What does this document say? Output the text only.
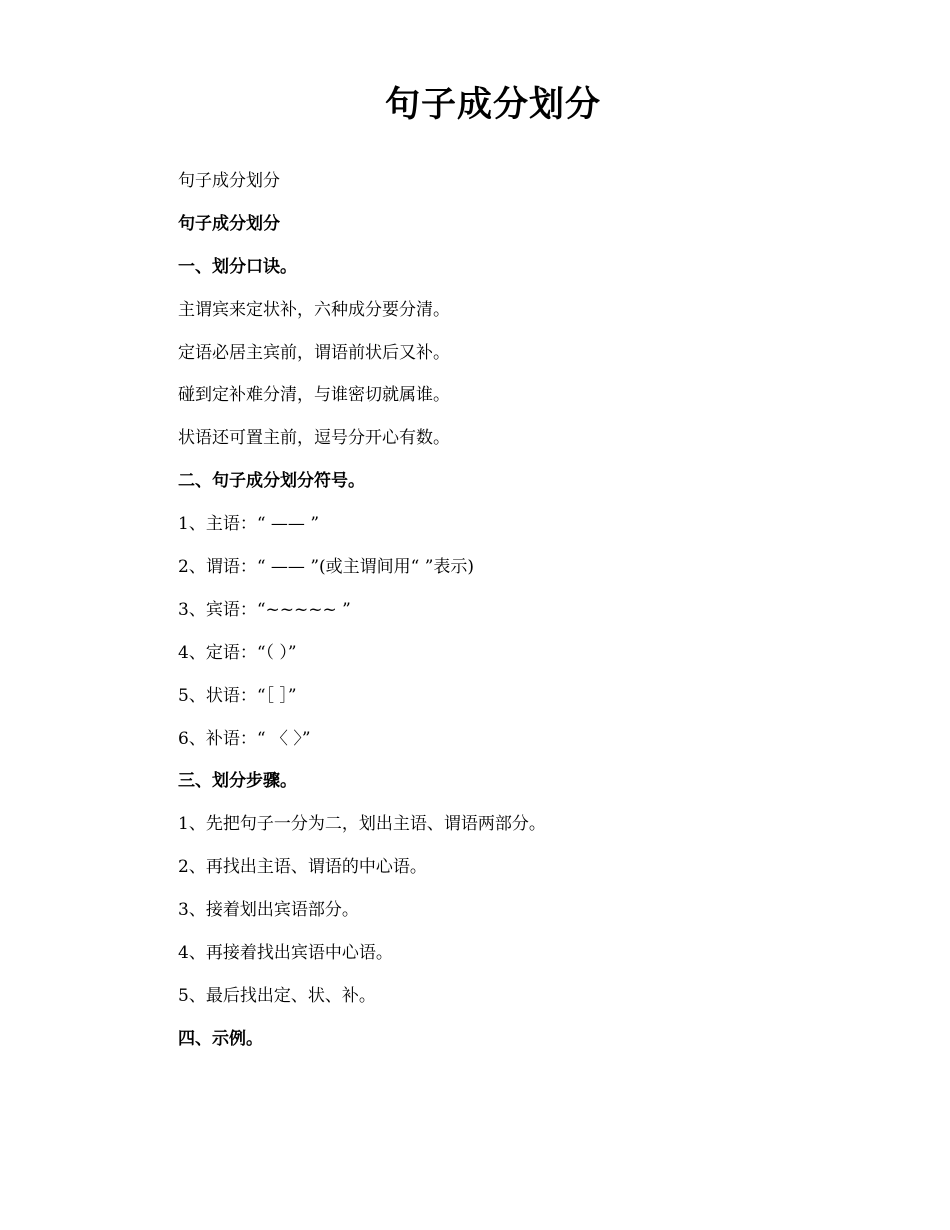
句子成分划分

句子成分划分

句子成分划分

一、划分口诀。

主谓宾来定状补，六种成分要分清。

定语必居主宾前，谓语前状后又补。

碰到定补难分清，与谁密切就属谁。

状语还可置主前，逗号分开心有数。

二、句子成分划分符号。

1、主语：“ —— ”

2、谓语：“ —— ”(或主谓间用“ ”表示)

3、宾语：“~~~~~ ”

4、定语：“（ ）”

5、状语：“［ ］”

6、补语：“ 〈 〉”

三、划分步骤。

1、先把句子一分为二，划出主语、谓语两部分。

2、再找出主语、谓语的中心语。

3、接着划出宾语部分。

4、再接着找出宾语中心语。

5、最后找出定、状、补。

四、示例。
